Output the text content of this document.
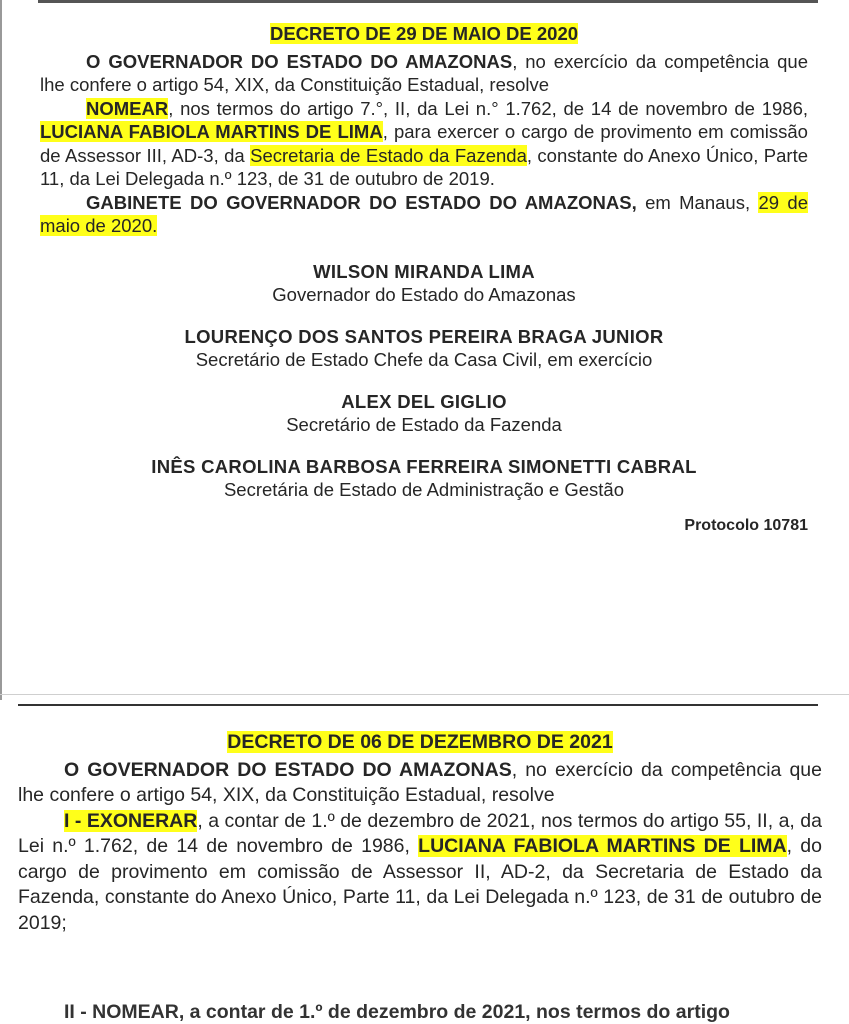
DECRETO DE 29 DE MAIO DE 2020

O GOVERNADOR DO ESTADO DO AMAZONAS, no exercício da competência que lhe confere o artigo 54, XIX, da Constituição Estadual, resolve

NOMEAR, nos termos do artigo 7.°, II, da Lei n.° 1.762, de 14 de novembro de 1986, LUCIANA FABIOLA MARTINS DE LIMA, para exercer o cargo de provimento em comissão de Assessor III, AD-3, da Secretaria de Estado da Fazenda, constante do Anexo Único, Parte 11, da Lei Delegada n.º 123, de 31 de outubro de 2019.

GABINETE DO GOVERNADOR DO ESTADO DO AMAZONAS, em Manaus, 29 de maio de 2020.

WILSON MIRANDA LIMA
Governador do Estado do Amazonas
LOURENÇO DOS SANTOS PEREIRA BRAGA JUNIOR
Secretário de Estado Chefe da Casa Civil, em exercício
ALEX DEL GIGLIO
Secretário de Estado da Fazenda
INÊS CAROLINA BARBOSA FERREIRA SIMONETTI CABRAL
Secretária de Estado de Administração e Gestão
Protocolo 10781
DECRETO DE 06 DE DEZEMBRO DE 2021

O GOVERNADOR DO ESTADO DO AMAZONAS, no exercício da competência que lhe confere o artigo 54, XIX, da Constituição Estadual, resolve

I - EXONERAR, a contar de 1.º de dezembro de 2021, nos termos do artigo 55, II, a, da Lei n.º 1.762, de 14 de novembro de 1986, LUCIANA FABIOLA MARTINS DE LIMA, do cargo de provimento em comissão de Assessor II, AD-2, da Secretaria de Estado da Fazenda, constante do Anexo Único, Parte 11, da Lei Delegada n.º 123, de 31 de outubro de 2019;

II - NOMEAR, a contar de 1.º de dezembro de 2021, nos termos do artigo
